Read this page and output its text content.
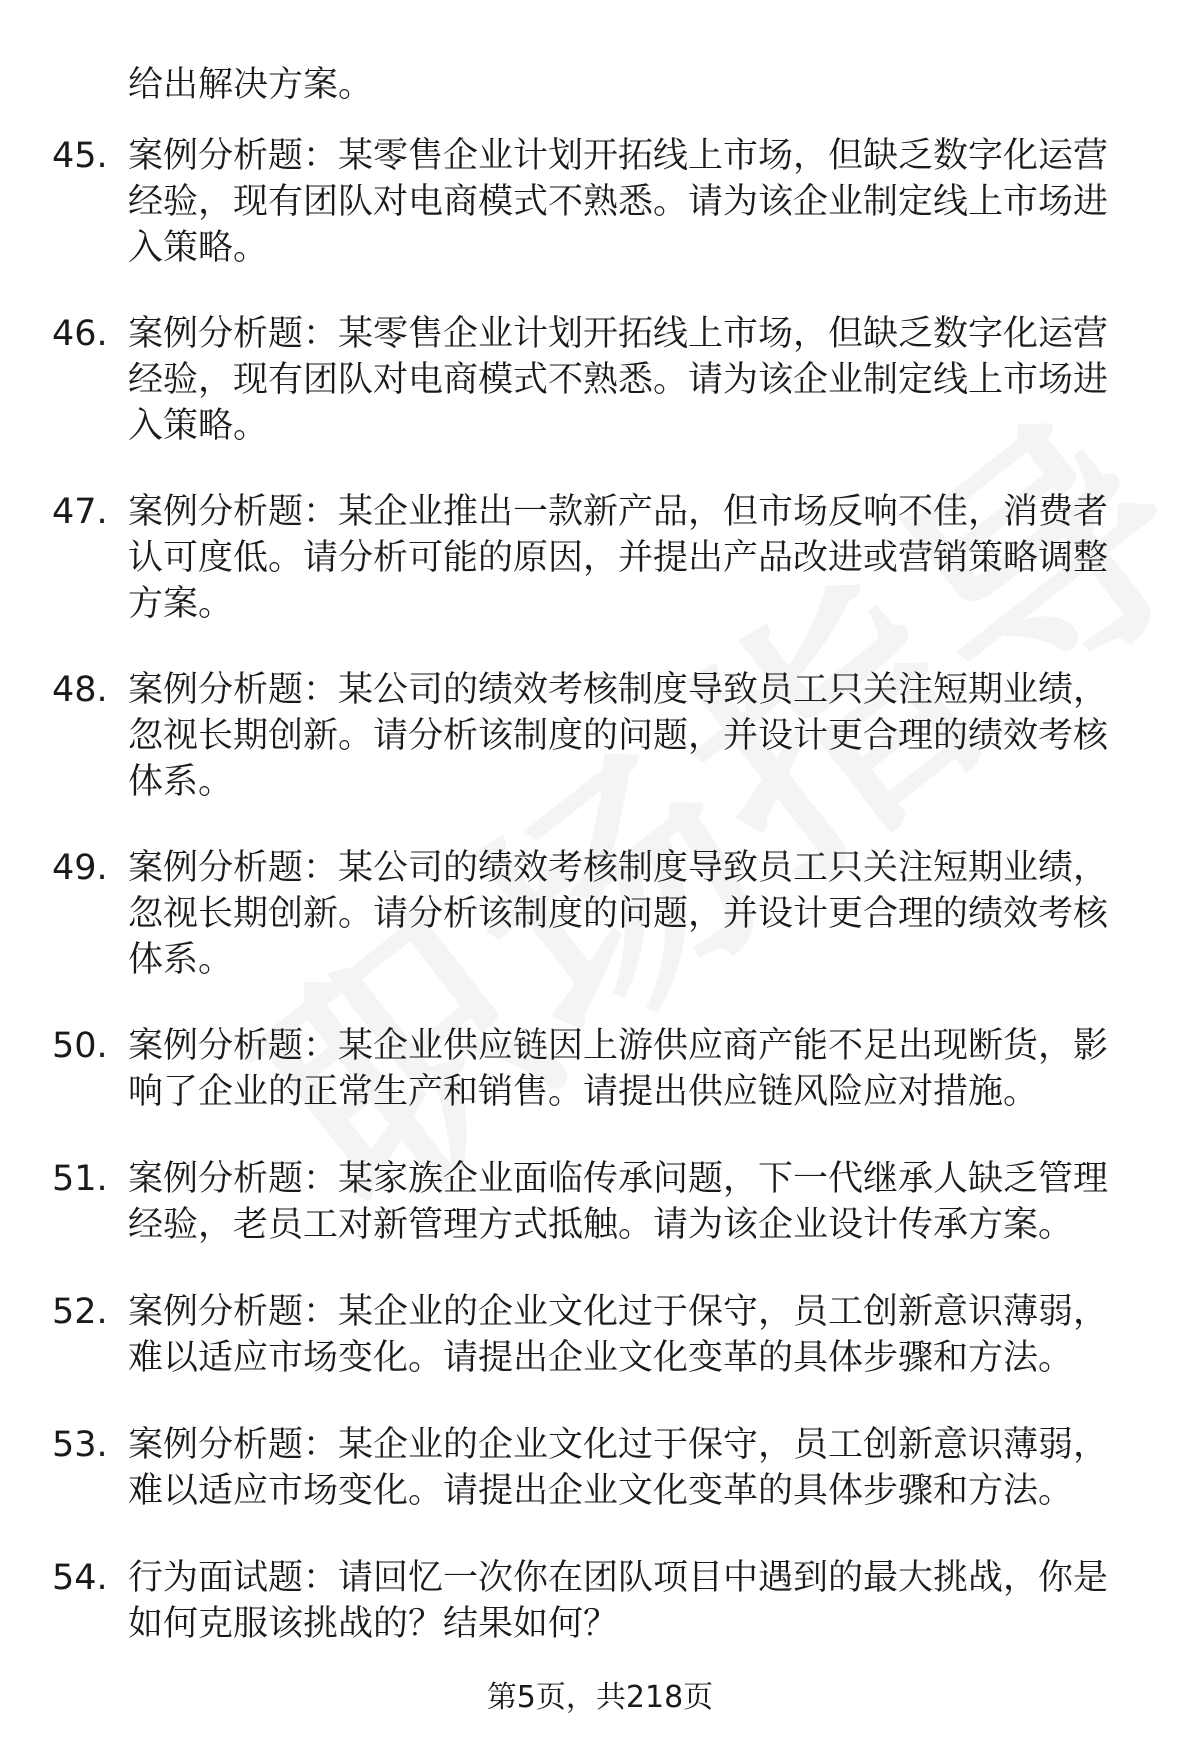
给出解决方案。
45. 案例分析题：某零售企业计划开拓线上市场，但缺乏数字化运营经验，现有团队对电商模式不熟悉。请为该企业制定线上市场进入策略。
46. 案例分析题：某零售企业计划开拓线上市场，但缺乏数字化运营经验，现有团队对电商模式不熟悉。请为该企业制定线上市场进入策略。
47. 案例分析题：某企业推出一款新产品，但市场反响不佳，消费者认可度低。请分析可能的原因，并提出产品改进或营销策略调整方案。
48. 案例分析题：某公司的绩效考核制度导致员工只关注短期业绩，忽视长期创新。请分析该制度的问题，并设计更合理的绩效考核体系。
49. 案例分析题：某公司的绩效考核制度导致员工只关注短期业绩，忽视长期创新。请分析该制度的问题，并设计更合理的绩效考核体系。
50. 案例分析题：某企业供应链因上游供应商产能不足出现断货，影响了企业的正常生产和销售。请提出供应链风险应对措施。
51. 案例分析题：某家族企业面临传承问题，下一代继承人缺乏管理经验，老员工对新管理方式抵触。请为该企业设计传承方案。
52. 案例分析题：某企业的企业文化过于保守，员工创新意识薄弱，难以适应市场变化。请提出企业文化变革的具体步骤和方法。
53. 案例分析题：某企业的企业文化过于保守，员工创新意识薄弱，难以适应市场变化。请提出企业文化变革的具体步骤和方法。
54. 行为面试题：请回忆一次你在团队项目中遇到的最大挑战，你是如何克服该挑战的？结果如何？
第5页，共218页
